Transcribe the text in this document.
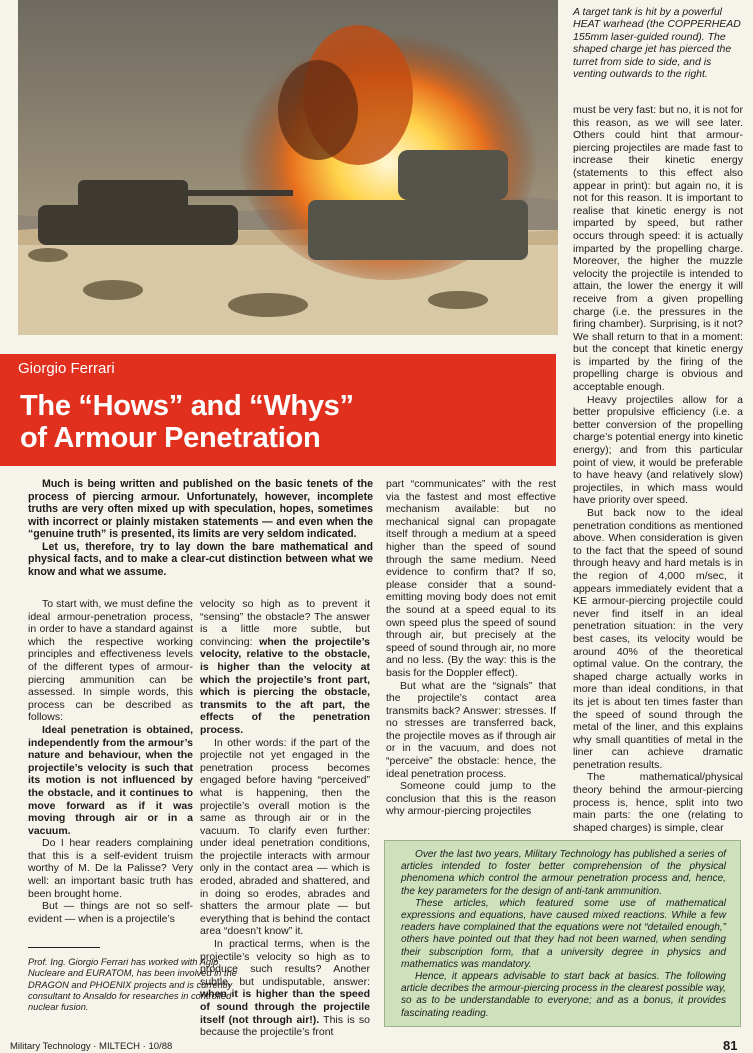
A target tank is hit by a powerful HEAT warhead (the COPPERHEAD 155mm laser-guided round). The shaped charge jet has pierced the turret from side to side, and is venting outwards to the right.
Giorgio Ferrari
The “Hows” and “Whys”
of Armour Penetration

Much is being written and published on the basic tenets of the process of piercing armour. Unfortunately, however, incomplete truths are very often mixed up with speculation, hopes, sometimes with incorrect or plainly mistaken statements — and even when the “genuine truth” is presented, its limits are very seldom indicated.

Let us, therefore, try to lay down the bare mathematical and physical facts, and to make a clear-cut distinction between what we know and what we assume.

To start with, we must define the ideal armour-penetration process, in order to have a standard against which the respective working principles and effectiveness levels of the different types of armour-piercing ammunition can be assessed. In simple words, this process can be described as follows:

Ideal penetration is obtained, independently from the armour’s nature and behaviour, when the projectile’s velocity is such that its motion is not influenced by the obstacle, and it continues to move forward as if it was moving through air or in a vacuum.

Do I hear readers complaining that this is a self-evident truism worthy of M. De la Palisse? Very well: an important basic truth has been brought home.

But — things are not so self-evident — when is a projectile’s

Prof. Ing. Giorgio Ferrari has worked with Agip Nucleare and EURATOM, has been involved in the DRAGON and PHOENIX projects and is currently consultant to Ansaldo for researches in controlled nuclear fusion.

velocity so high as to prevent it “sensing” the obstacle? The answer is a little more subtle, but convincing: when the projectile’s velocity, relative to the obstacle, is higher than the velocity at which the projectile’s front part, which is piercing the obstacle, transmits to the aft part, the effects of the penetration process.

In other words: if the part of the projectile not yet engaged in the penetration process becomes engaged before having “perceived” what is happening, then the projectile’s overall motion is the same as through air or in the vacuum. To clarify even further: under ideal penetration conditions, the projectile interacts with armour only in the contact area — which is eroded, abraded and shattered, and in doing so erodes, abrades and shatters the armour plate — but everything that is behind the contact area “doesn’t know” it.

In practical terms, when is the projectile’s velocity so high as to produce such results? Another subtle, but undisputable, answer: when it is higher than the speed of sound through the projectile itself (not through air!). This is so because the projectile’s front

part “communicates” with the rest via the fastest and most effective mechanism available: but no mechanical signal can propagate itself through a medium at a speed higher than the speed of sound through the same medium. Need evidence to confirm that? If so, please consider that a sound-emitting moving body does not emit the sound at a speed equal to its own speed plus the speed of sound through air, but precisely at the speed of sound through air, no more and no less. (By the way: this is the basis for the Doppler effect).

But what are the “signals” that the projectile’s contact area transmits back? Answer: stresses. If no stresses are transferred back, the projectile moves as if through air or in the vacuum, and does not “perceive” the obstacle: hence, the ideal penetration process.

Someone could jump to the conclusion that this is the reason why armour-piercing projectiles

must be very fast: but no, it is not for this reason, as we will see later. Others could hint that armour-piercing projectiles are made fast to increase their kinetic energy (statements to this effect also appear in print): but again no, it is not for this reason. It is important to realise that kinetic energy is not imparted by speed, but rather occurs through speed: it is actually imparted by the propelling charge. Moreover, the higher the muzzle velocity the projectile is intended to attain, the lower the energy it will receive from a given propelling charge (i.e. the pressures in the firing chamber). Surprising, is it not? We shall return to that in a moment: but the concept that kinetic energy is imparted by the firing of the propelling charge is obvious and acceptable enough.

Heavy projectiles allow for a better propulsive efficiency (i.e. a better conversion of the propelling charge’s potential energy into kinetic energy); and from this particular point of view, it would be preferable to have heavy (and relatively slow) projectiles, in which mass would have priority over speed.

But back now to the ideal penetration conditions as mentioned above. When consideration is given to the fact that the speed of sound through heavy and hard metals is in the region of 4,000 m/sec, it appears immediately evident that a KE armour-piercing projectile could never find itself in an ideal penetration situation: in the very best cases, its velocity would be around 40% of the theoretical optimal value. On the contrary, the shaped charge actually works in more than ideal conditions, in that its jet is about ten times faster than the speed of sound through the metal of the liner, and this explains why small quantities of metal in the liner can achieve dramatic penetration results.

The mathematical/physical theory behind the armour-piercing process is, hence, split into two main parts: the one (relating to shaped charges) is simple, clear

Over the last two years, Military Technology has published a series of articles intended to foster better comprehension of the physical phenomena which control the armour penetration process and, hence, the key parameters for the design of anti-tank ammunition.

These articles, which featured some use of mathematical expressions and equations, have caused mixed reactions. While a few readers have complained that the equations were not “detailed enough,” others have pointed out that they had not been warned, when sending their subscription form, that a university degree in physics and mathematics was mandatory.

Hence, it appears advisable to start back at basics. The following article decribes the armour-piercing process in the clearest possible way, so as to be understandable to everyone; and as a bonus, it provides fascinating reading.

Military Technology · MILTECH · 10/88	81
